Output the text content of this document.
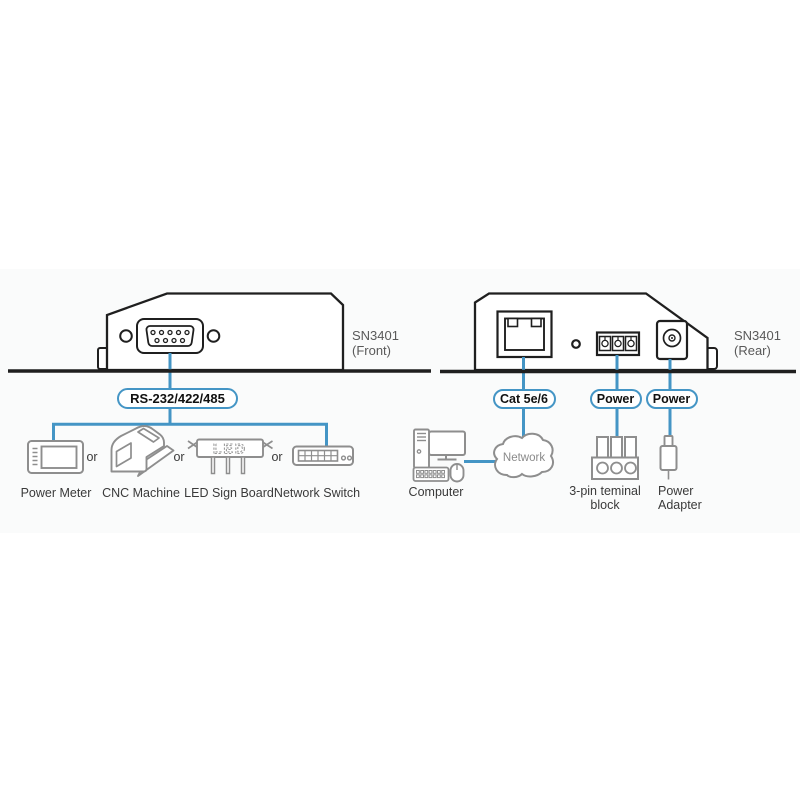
LED
SN3401
(Front)
SN3401
(Rear)
RS-232/422/485	Cat 5e/6	Power	Power
or	or	or
Power Meter CNC Machine LED Sign Board Network Switch	Computer
Network
3-pin teminal
block
Power
Adapter
